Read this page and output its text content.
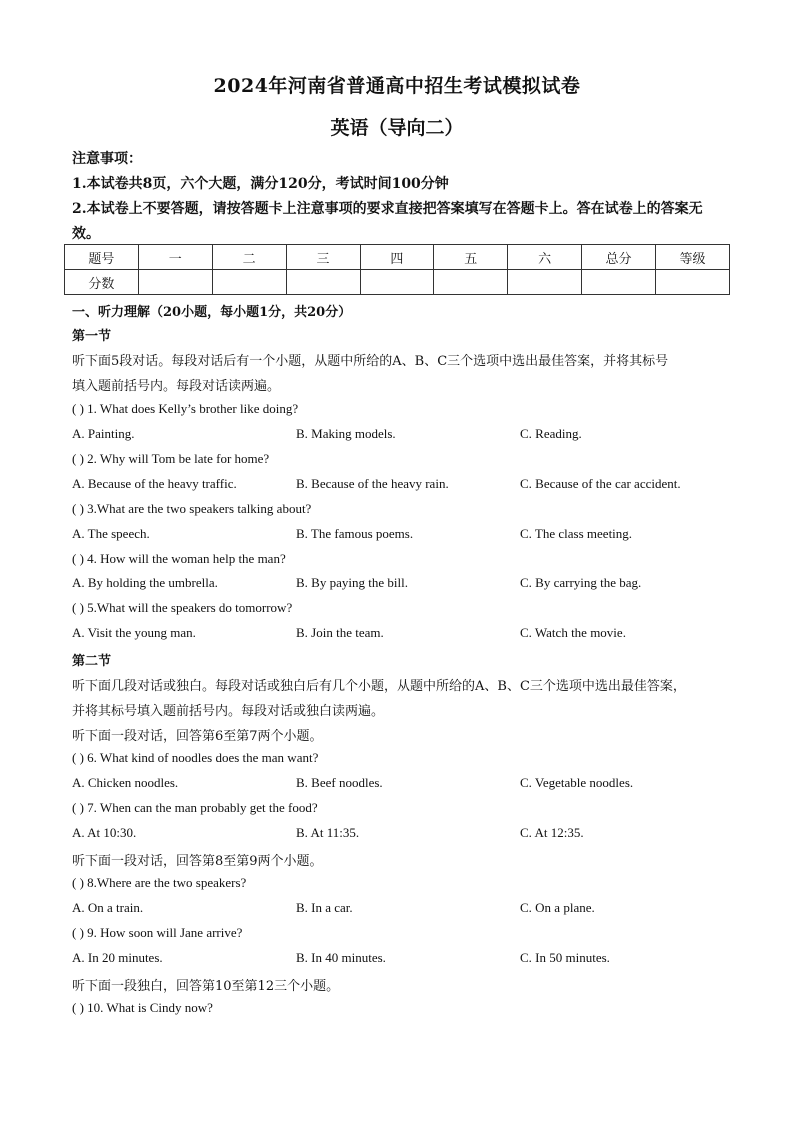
2024年河南省普通高中招生考试模拟试卷
英语（导向二）
注意事项：
1.本试卷共8页，六个大题，满分120分，考试时间100分钟
2.本试卷上不要答题，请按答题卡上注意事项的要求直接把答案填写在答题卡上。答在试卷上的答案无效。
题号	一	二	三	四	五	六	总分	等级
分数								
一、听力理解（20小题，每小题1分，共20分）
第一节
听下面5段对话。每段对话后有一个小题，从题中所给的A、B、C三个选项中选出最佳答案，并将其标号
填入题前括号内。每段对话读两遍。
( ) 1. What does Kelly’s brother like doing?
A. Painting.	B. Making models.	C. Reading.
( ) 2. Why will Tom be late for home?
A. Because of the heavy traffic.	B. Because of the heavy rain.	C. Because of the car accident.
( ) 3.What are the two speakers talking about?
A. The speech.	B. The famous poems.	C. The class meeting.
( ) 4. How will the woman help the man?
A. By holding the umbrella.	B. By paying the bill.	C. By carrying the bag.
( ) 5.What will the speakers do tomorrow?
A. Visit the young man.	B. Join the team.	C. Watch the movie.
第二节
听下面几段对话或独白。每段对话或独白后有几个小题，从题中所给的A、B、C三个选项中选出最佳答案，
并将其标号填入题前括号内。每段对话或独白读两遍。
听下面一段对话，回答第6至第7两个小题。
( ) 6. What kind of noodles does the man want?
A. Chicken noodles.	B. Beef noodles.	C. Vegetable noodles.
( ) 7. When can the man probably get the food?
A. At 10:30.	B. At 11:35.	C. At 12:35.
听下面一段对话，回答第8至第9两个小题。
( ) 8.Where are the two speakers?
A. On a train.	B. In a car.	C. On a plane.
( ) 9. How soon will Jane arrive?
A. In 20 minutes.	B. In 40 minutes.	C. In 50 minutes.
听下面一段独白，回答第10至第12三个小题。
( ) 10. What is Cindy now?
